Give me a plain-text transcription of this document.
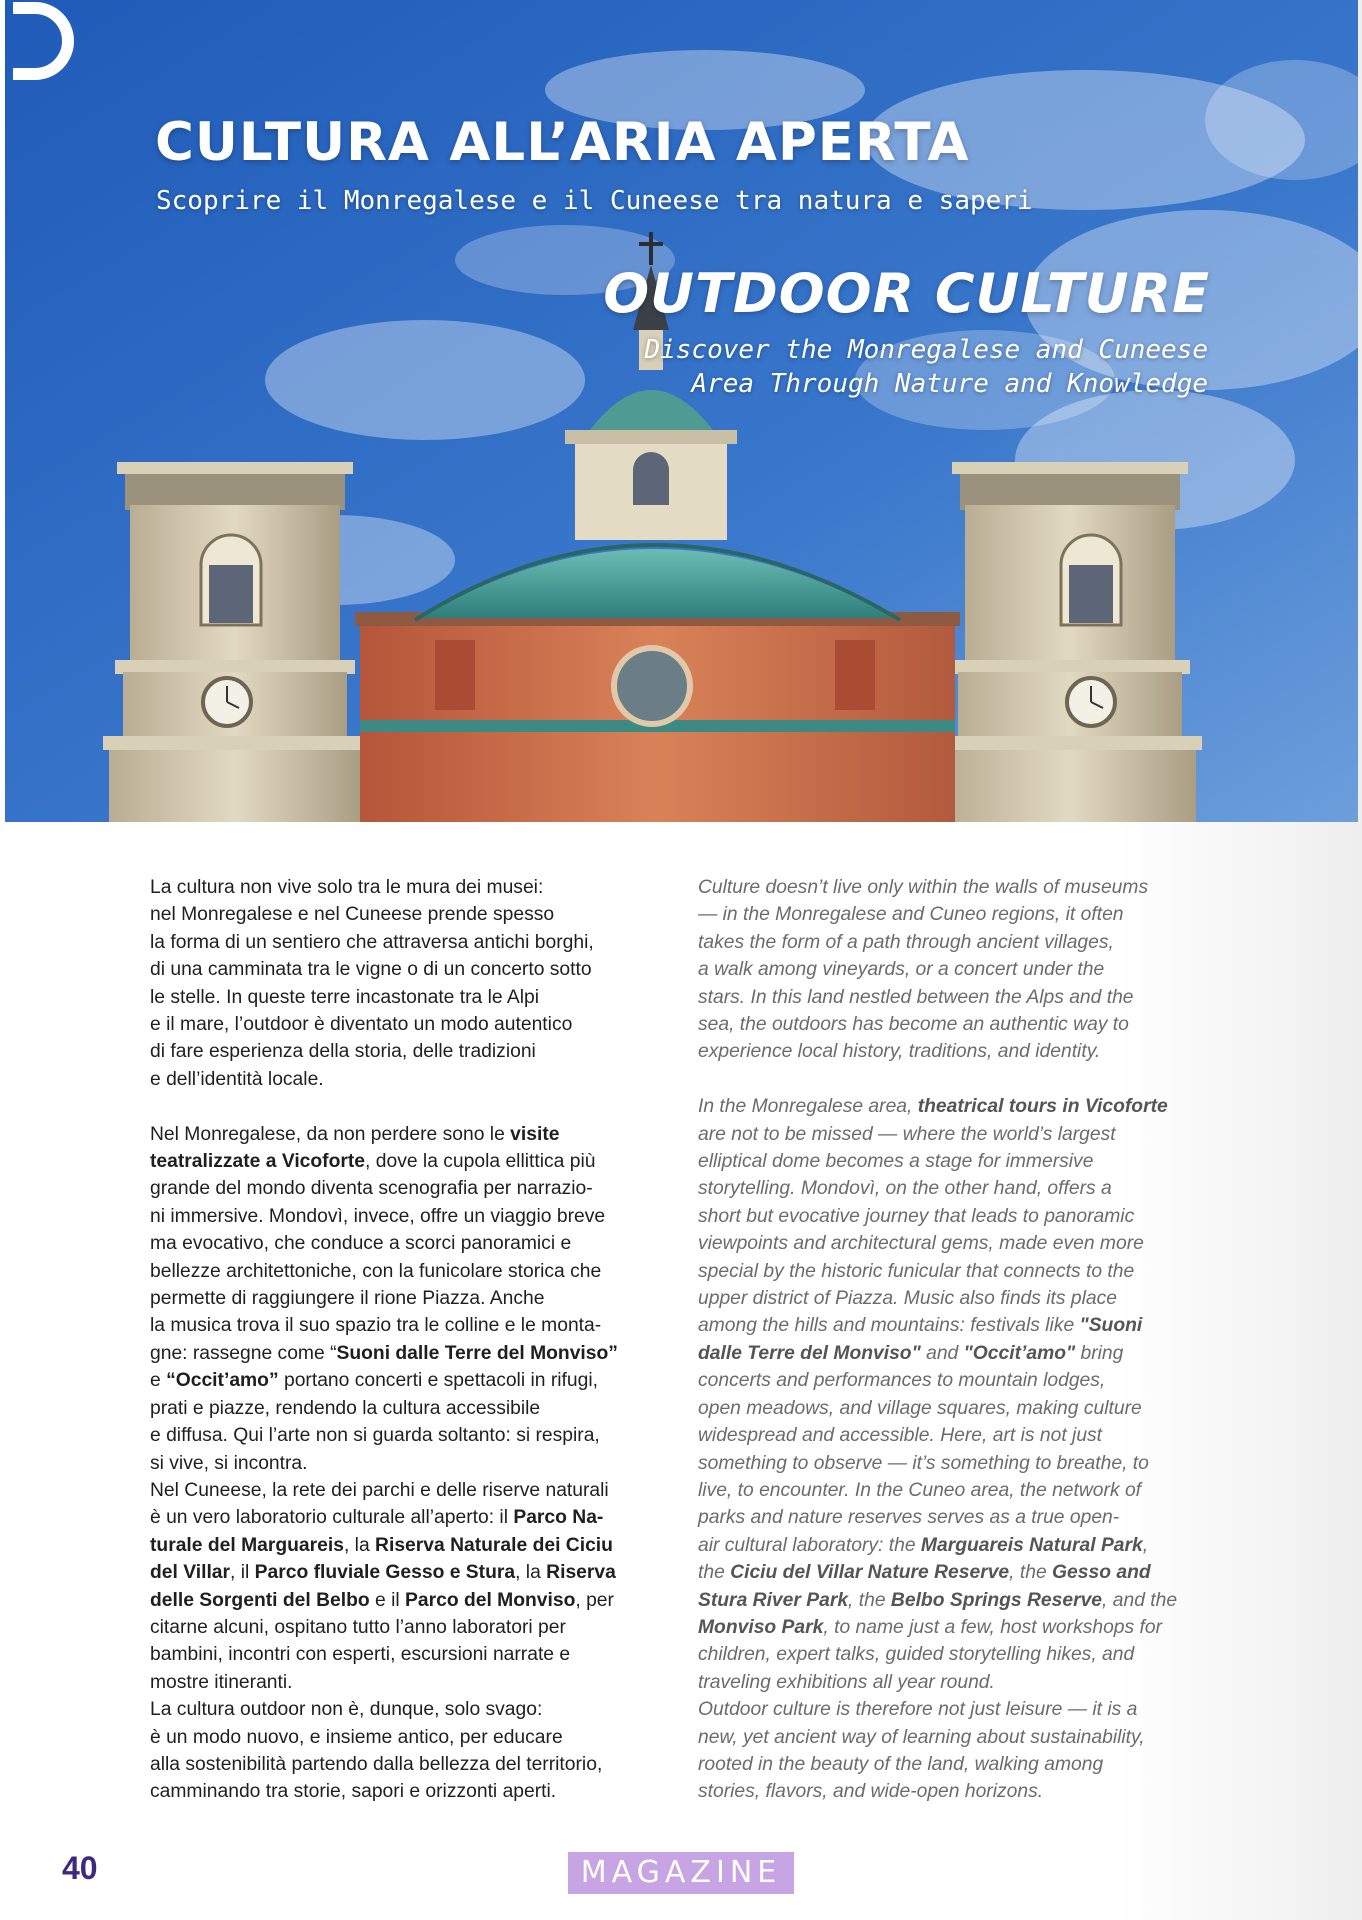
CULTURA ALL’ARIA APERTA
Scoprire il Monregalese e il Cuneese tra natura e saperi
OUTDOOR CULTURE
Discover the Monregalese and Cuneese
Area Through Nature and Knowledge

La cultura non vive solo tra le mura dei musei:
nel Monregalese e nel Cuneese prende spesso
la forma di un sentiero che attraversa antichi borghi,
di una camminata tra le vigne o di un concerto sotto
le stelle. In queste terre incastonate tra le Alpi
e il mare, l’outdoor è diventato un modo autentico
di fare esperienza della storia, delle tradizioni
e dell’identità locale.

Nel Monregalese, da non perdere sono le visite
teatralizzate a Vicoforte, dove la cupola ellittica più
grande del mondo diventa scenografia per narrazio-
ni immersive. Mondovì, invece, offre un viaggio breve
ma evocativo, che conduce a scorci panoramici e
bellezze architettoniche, con la funicolare storica che
permette di raggiungere il rione Piazza. Anche
la musica trova il suo spazio tra le colline e le monta-
gne: rassegne come “Suoni dalle Terre del Monviso”
e “Occit’amo” portano concerti e spettacoli in rifugi,
prati e piazze, rendendo la cultura accessibile
e diffusa. Qui l’arte non si guarda soltanto: si respira,
si vive, si incontra.

Nel Cuneese, la rete dei parchi e delle riserve naturali
è un vero laboratorio culturale all’aperto: il Parco Na-
turale del Marguareis, la Riserva Naturale dei Ciciu
del Villar, il Parco fluviale Gesso e Stura, la Riserva
delle Sorgenti del Belbo e il Parco del Monviso, per
citarne alcuni, ospitano tutto l’anno laboratori per
bambini, incontri con esperti, escursioni narrate e
mostre itineranti.

La cultura outdoor non è, dunque, solo svago:
è un modo nuovo, e insieme antico, per educare
alla sostenibilità partendo dalla bellezza del territorio,
camminando tra storie, sapori e orizzonti aperti.

Culture doesn’t live only within the walls of museums
— in the Monregalese and Cuneo regions, it often
takes the form of a path through ancient villages,
a walk among vineyards, or a concert under the
stars. In this land nestled between the Alps and the
sea, the outdoors has become an authentic way to
experience local history, traditions, and identity.

In the Monregalese area, theatrical tours in Vicoforte
are not to be missed — where the world’s largest
elliptical dome becomes a stage for immersive
storytelling. Mondovì, on the other hand, offers a
short but evocative journey that leads to panoramic
viewpoints and architectural gems, made even more
special by the historic funicular that connects to the
upper district of Piazza. Music also finds its place
among the hills and mountains: festivals like "Suoni
dalle Terre del Monviso" and "Occit’amo" bring
concerts and performances to mountain lodges,
open meadows, and village squares, making culture
widespread and accessible. Here, art is not just
something to observe — it’s something to breathe, to
live, to encounter. In the Cuneo area, the network of
parks and nature reserves serves as a true open-
air cultural laboratory: the Marguareis Natural Park,
the Ciciu del Villar Nature Reserve, the Gesso and
Stura River Park, the Belbo Springs Reserve, and the
Monviso Park, to name just a few, host workshops for
children, expert talks, guided storytelling hikes, and
traveling exhibitions all year round.
Outdoor culture is therefore not just leisure — it is a
new, yet ancient way of learning about sustainability,
rooted in the beauty of the land, walking among
stories, flavors, and wide-open horizons.

40	MAGAZINE
